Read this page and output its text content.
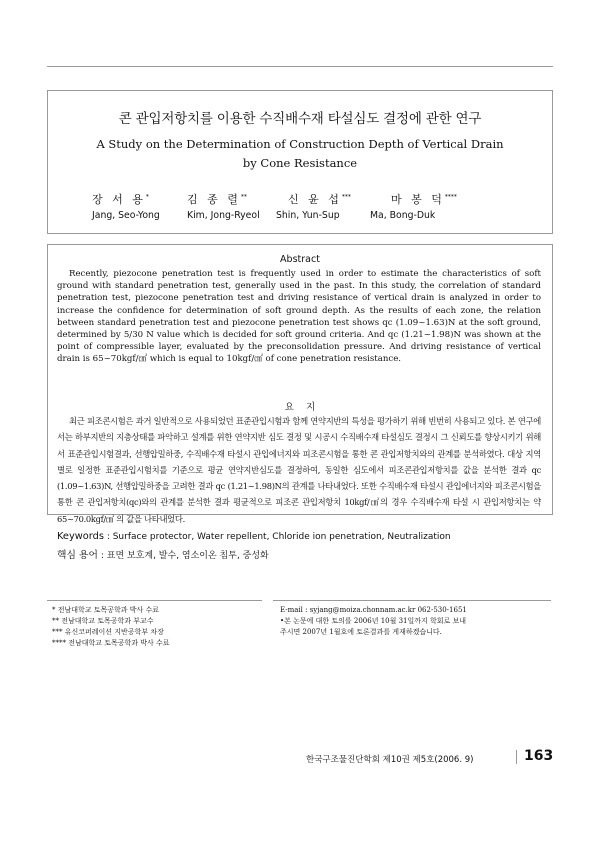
콘 관입저항치를 이용한 수직배수재 타설심도 결정에 관한 연구
A Study on the Determination of Construction Depth of Vertical Drain
by Cone Resistance
장 서 용*	김 종 렬**	신 윤 섭***	마 봉 덕****
Jang, Seo-Yong	Kim, Jong-Ryeol Shin, Yun-Sup	Ma, Bong-Duk
Abstract

Recently, piezocone penetration test is frequently used in order to estimate the characteristics of soft ground with standard penetration test, generally used in the past. In this study, the correlation of standard penetration test, piezocone penetration test and driving resistance of vertical drain is analyzed in order to increase the confidence for determination of soft ground depth. As the results of each zone, the relation between standard penetration test and piezocone penetration test shows qc (1.09~1.63)N at the soft ground, determined by 5/30 N value which is decided for soft ground criteria. And qc (1.21~1.98)N was shown at the point of compressible layer, evaluated by the preconsolidation pressure. And driving resistance of vertical drain is 65~70kgf/㎠ which is equal to 10kgf/㎠ of cone penetration resistance.

요    지

최근 피조콘시험은 과거 일반적으로 사용되었던 표준관입시험과 함께 연약지반의 특성을 평가하기 위해 빈번히 사용되고 있다. 본 연구에서는 하부지반의 지층상태를 파악하고 설계를 위한 연약지반 심도 결정 및 시공시 수직배수재 타설심도 결정시 그 신뢰도를 향상시키기 위해서 표준관입시험결과, 선행압밀하중, 수직배수재 타설시 관입에너지와 피조콘시험을 통한 콘 관입저항치와의 관계를 분석하였다. 대상 지역별로 일정한 표준관입시험치를 기준으로 평균 연약지반심도를 결정하여, 동일한 심도에서 피조콘관입저항치를 값을 분석한 결과 qc (1.09~1.63)N, 선행압밀하중을 고려한 결과 qc (1.21~1.98)N의 관계를 나타내었다. 또한 수직배수재 타설시 관입에너지와 피조콘시험을 통한 콘 관입저항치(qc)와의 관계를 분석한 결과 평균적으로 피조콘 관입저항치 10kgf/㎠의 경우 수직배수재 타설 시 관입저항치는 약 65~70.0kgf/㎠ 의 값을 나타내었다.

Keywords : Surface protector, Water repellent, Chloride ion penetration, Neutralization
핵심 용어 : 표면 보호계, 발수, 염소이온 침투, 중성화
* 전남대학교 토목공학과 박사 수료
** 전남대학교 토목공학과 부교수
*** 유신코퍼레이션 지반공학부 차장
**** 전남대학교 토목공학과 박사 수료
E-mail : syjang@moiza.chonnam.ac.kr 062-530-1651
•본 논문에 대한 토의를 2006년 10월 31일까지 학회로 보내주시면 2007년 1월호에 토론결과를 게재하겠습니다.
한국구조물진단학회 제10권 제5호(2006. 9)	163
